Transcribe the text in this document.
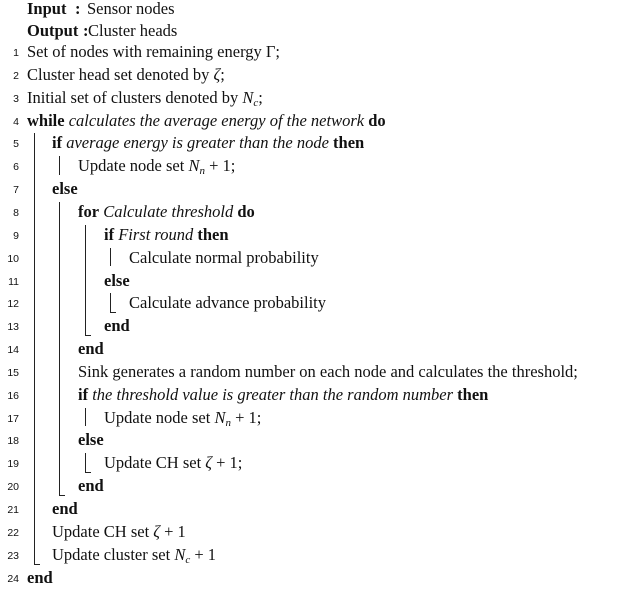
Input : Sensor nodes
Output :Cluster heads
1 Set of nodes with remaining energy Γ;
2 Cluster head set denoted by ζ;
3 Initial set of clusters denoted by Nc;
4 while calculates the average energy of the network do
5 if average energy is greater than the node then
6	Update node set Nn + 1;
7 else
8	for Calculate threshold do
9	if First round then
10	Calculate normal probability
11	else
12	Calculate advance probability
13	end
14	end
15	Sink generates a random number on each node and calculates the threshold;
16	if the threshold value is greater than the random number then
17	Update node set Nn + 1;
18	else
19	Update CH set ζ + 1;
20	end
21 end
22 Update CH set ζ + 1
23 Update cluster set Nc + 1
24 end
